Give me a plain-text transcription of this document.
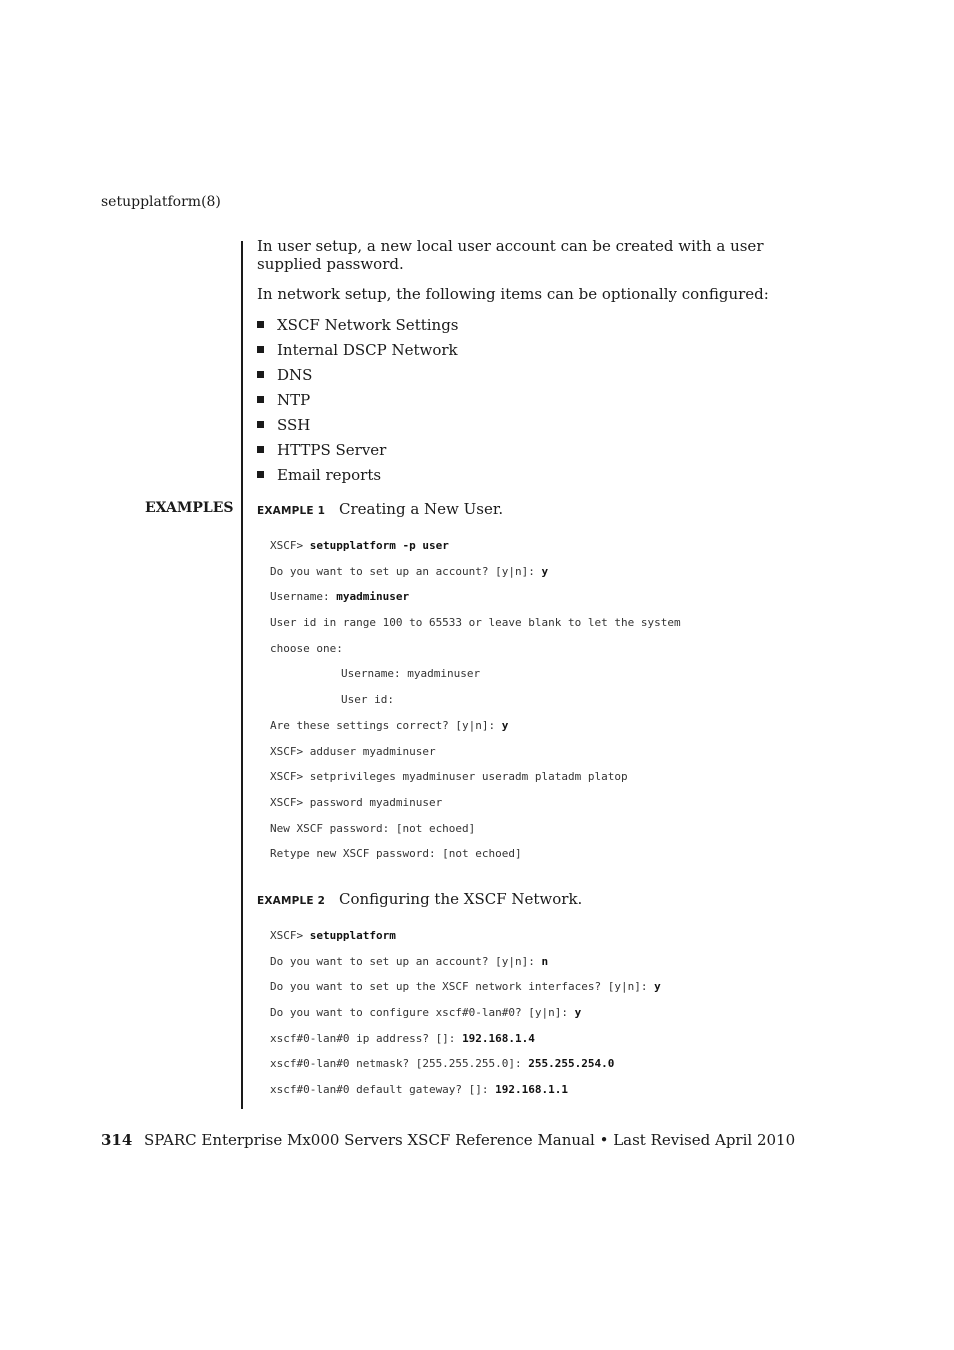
setupplatform(8)

In user setup, a new local user account can be created with a user supplied password.

In network setup, the following items can be optionally configured:

XSCF Network Settings
Internal DSCP Network
DNS
NTP
SSH
HTTPS Server
Email reports
EXAMPLES EXAMPLE 1 Creating a New User.
XSCF> setupplatform -p user
Do you want to set up an account? [y|n]: y
Username: myadminuser
User id in range 100 to 65533 or leave blank to let the system
choose one:
Username: myadminuser
User id:
Are these settings correct? [y|n]: y
XSCF> adduser myadminuser
XSCF> setprivileges myadminuser useradm platadm platop
XSCF> password myadminuser
New XSCF password: [not echoed]
Retype new XSCF password: [not echoed]
EXAMPLE 2 Configuring the XSCF Network.
XSCF> setupplatform
Do you want to set up an account? [y|n]: n
Do you want to set up the XSCF network interfaces? [y|n]: y
Do you want to configure xscf#0-lan#0? [y|n]: y
xscf#0-lan#0 ip address? []: 192.168.1.4
xscf#0-lan#0 netmask? [255.255.255.0]: 255.255.254.0
xscf#0-lan#0 default gateway? []: 192.168.1.1
314 SPARC Enterprise Mx000 Servers XSCF Reference Manual • Last Revised April 2010
